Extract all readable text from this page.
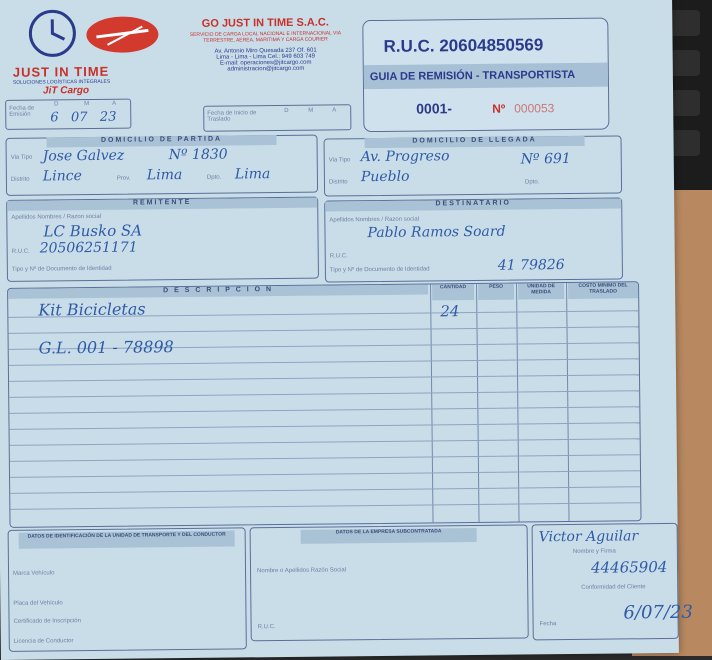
JUST IN TIME
SOLUCIONES LOGÍSTICAS INTEGRALES
JiT Cargo
GO JUST IN TIME S.A.C.
SERVICIO DE CARGA LOCAL NACIONAL E INTERNACIONAL VIA TERRESTRE, AEREA, MARITIMA Y CARGA COURIER
Av. Antonio Miro Quesada 237 Of. 601
Lima - Lima - Lima Cel.: 949 603 749
E-mail: operaciones@jitcargo.com
administracion@jitcargo.com
R.U.C. 20604850569
GUIA DE REMISIÓN - TRANSPORTISTA
0001-	Nº 000053
Fecha de Emisión
D	M	A
6   07   23	Fecha de Inicio de Traslado
D	M	A
DOMICILIO DE PARTIDA
Via Tipo Jose Galvez          Nº 1830
Distrito Lince	Prov. Lima	Dpto. Lima
DOMICILIO DE LLEGADA
Via Tipo Av. Progreso	Nº 691
Distrito Pueblo	Dpto.
REMITENTE
Apellidos Nombres / Razon social
LC Busko SA
R.U.C. 20506251171
Tipo y Nº de Documento de Identidad
DESTINATARIO
Apellidos Nombres / Razon social
Pablo Ramos Soard
R.U.C.
Tipo y Nº de Documento de Identidad	41 79826
D E S C R I P C I O N	CANTIDAD	PESO	UNIDAD DE MEDIDA
COSTO MINIMO DEL TRASLADO
Kit Bicicletas	24
G.L. 001 - 78898
DATOS DE IDENTIFICACIÓN DE LA UNIDAD DE TRANSPORTE Y DEL CONDUCTOR
Marca Vehículo
Placa del Vehículo
Certificado de Inscripción
Licencia de Conductor
DATOS DE LA EMPRESA SUBCONTRATADA
Nombre o Apellidos Razón Social
R.U.C.
Victor Aguilar
Nombre y Firma
44465904
Conformidad del Cliente
Fecha
6/07/23
